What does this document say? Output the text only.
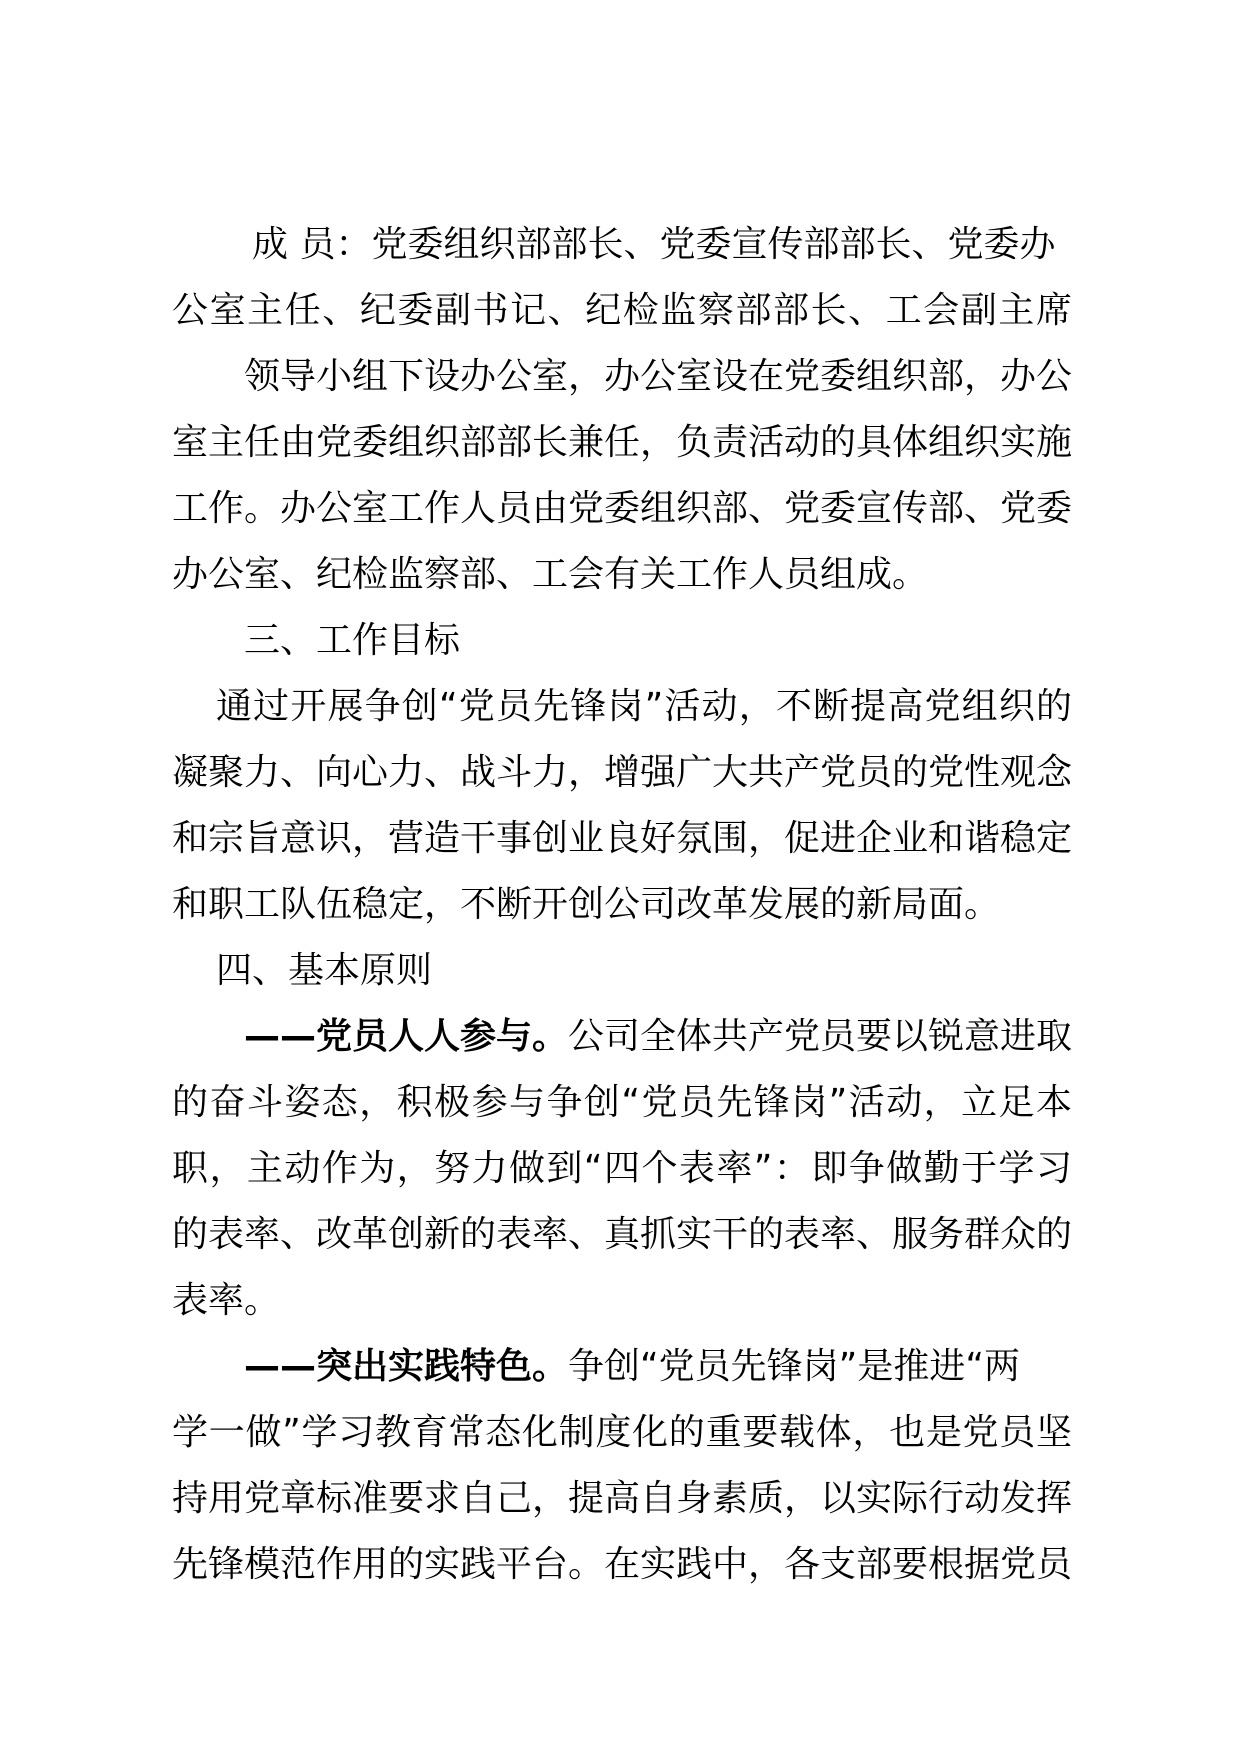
成 员：党委组织部部长、党委宣传部部长、党委办
公室主任、纪委副书记、纪检监察部部长、工会副主席
领导小组下设办公室，办公室设在党委组织部，办公
室主任由党委组织部部长兼任，负责活动的具体组织实施
工作。办公室工作人员由党委组织部、党委宣传部、党委
办公室、纪检监察部、工会有关工作人员组成。
三、工作目标
通过开展争创“党员先锋岗”活动，不断提高党组织的
凝聚力、向心力、战斗力，增强广大共产党员的党性观念
和宗旨意识，营造干事创业良好氛围，促进企业和谐稳定
和职工队伍稳定，不断开创公司改革发展的新局面。
四、基本原则
——党员人人参与。公司全体共产党员要以锐意进取
的奋斗姿态，积极参与争创“党员先锋岗”活动，立足本
职，主动作为，努力做到“四个表率”：即争做勤于学习
的表率、改革创新的表率、真抓实干的表率、服务群众的
表率。
——突出实践特色。争创“党员先锋岗”是推进“两
学一做”学习教育常态化制度化的重要载体，也是党员坚
持用党章标准要求自己，提高自身素质，以实际行动发挥
先锋模范作用的实践平台。在实践中，各支部要根据党员
